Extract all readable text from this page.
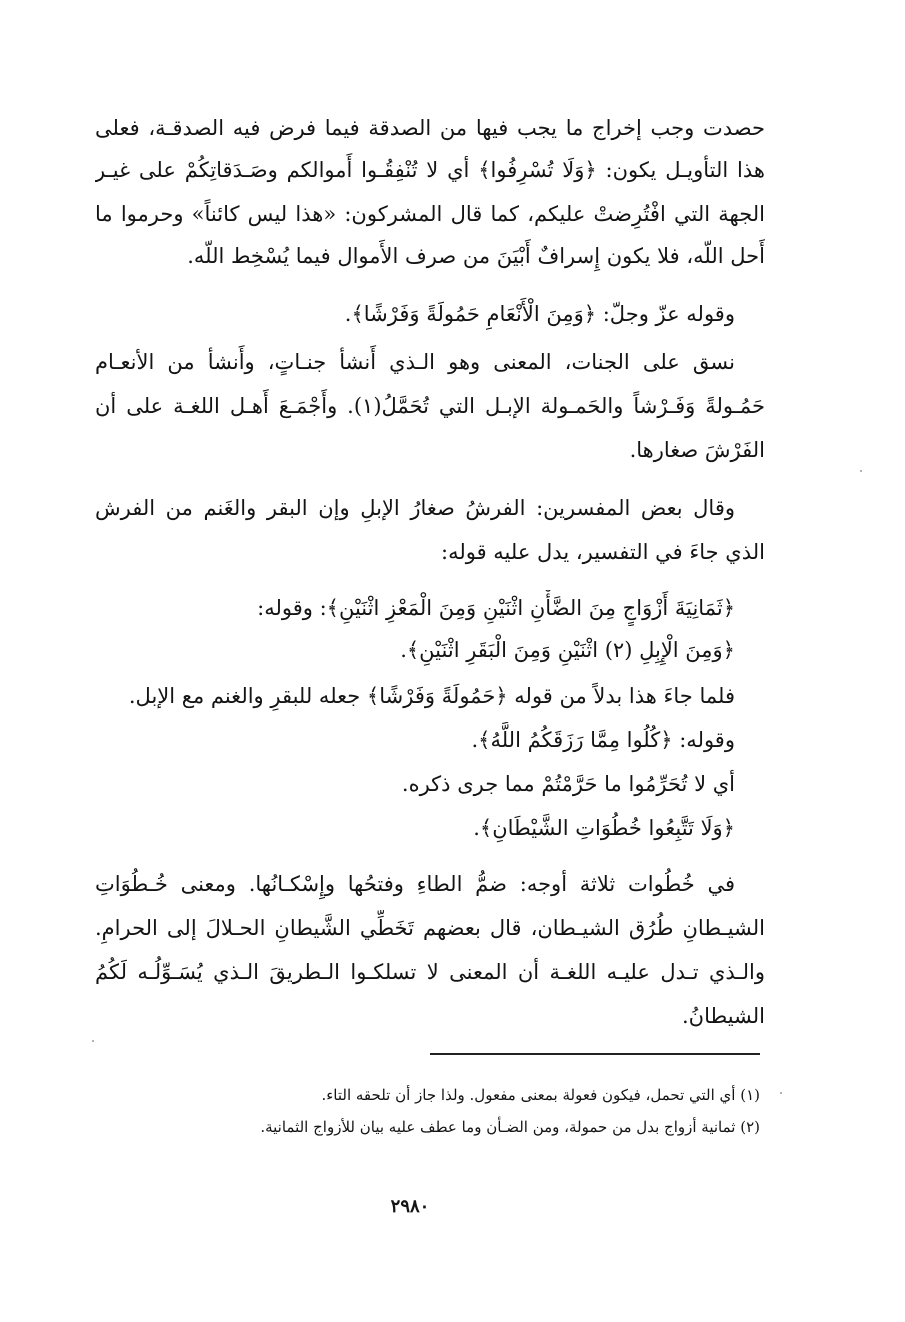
حصدت وجب إخراج ما يجب فيها من الصدقة فيما فرض فيه الصدقـة، فعلى
هذا التأويـل يكون: ﴿وَلَا تُسْرِفُوا﴾ أي لا تُنْفِقُـوا أَموالكم وصَـدَقاتِكُمْ على غيـر
الجهة التي افْتُرِضتْ عليكم، كما قال المشركون: «هذا ليس كائناً» وحرموا ما
أَحل اللّه، فلا يكون إِسرافٌ أَبْيَنَ من صرف الأَموال فيما يُسْخِط اللّه.
وقوله عزّ وجلّ: ﴿وَمِنَ الْأَنْعَامِ حَمُولَةً وَفَرْشًا﴾.
نسق على الجنات، المعنى وهو الـذي أَنشأ جنـاتٍ، وأَنشأ من الأنعـام
حَمُـولةً وَفَـرْشاً والحَمـولة الإبـل التي تُحَمَّلُ(١). وأَجْمَـعَ أَهـل اللغـة على أن
الفَرْشَ صغارها.
وقال بعض المفسرين: الفرشُ صغارُ الإبلِ وإن البقر والغَنم من الفرش
الذي جاءَ في التفسير، يدل عليه قوله:
﴿ثَمَانِيَةَ أَزْوَاجٍ مِنَ الضَّأْنِ اثْنَيْنِ وَمِنَ الْمَعْزِ اثْنَيْنِ﴾: وقوله:
﴿وَمِنَ الْإِبِلِ (٢) اثْنَيْنِ وَمِنَ الْبَقَرِ اثْنَيْنِ﴾.
فلما جاءَ هذا بدلاً من قوله ﴿حَمُولَةً وَفَرْشًا﴾ جعله للبقرِ والغنم مع الإبل.
وقوله: ﴿كُلُوا مِمَّا رَزَقَكُمُ اللَّهُ﴾.
أي لا تُحَرِّمُوا ما حَرَّمْتُمْ مما جرى ذكره.
﴿وَلَا تَتَّبِعُوا خُطُوَاتِ الشَّيْطَانِ﴾.
في خُطُوات ثلاثة أوجه: ضمُّ الطاءِ وفتحُها وإِسْكـانُها. ومعنى خُـطُوَاتِ
الشيـطانِ طُرُق الشيـطان، قال بعضهم تَخَطِّي الشَّيطانِ الحـلالَ إلى الحرامِ.
والـذي تـدل عليـه اللغـة أن المعنى لا تسلكـوا الـطريقَ الـذي يُسَـوِّلُـه لَكُمُ
الشيطانُ.
(١) أي التي تحمل، فيكون فعولة بمعنى مفعول. ولذا جاز أن تلحقه التاء.
(٢) ثمانية أزواج بدل من حمولة، ومن الضـأن وما عطف عليه بيان للأزواج الثمانية.
٢٩٨٠
